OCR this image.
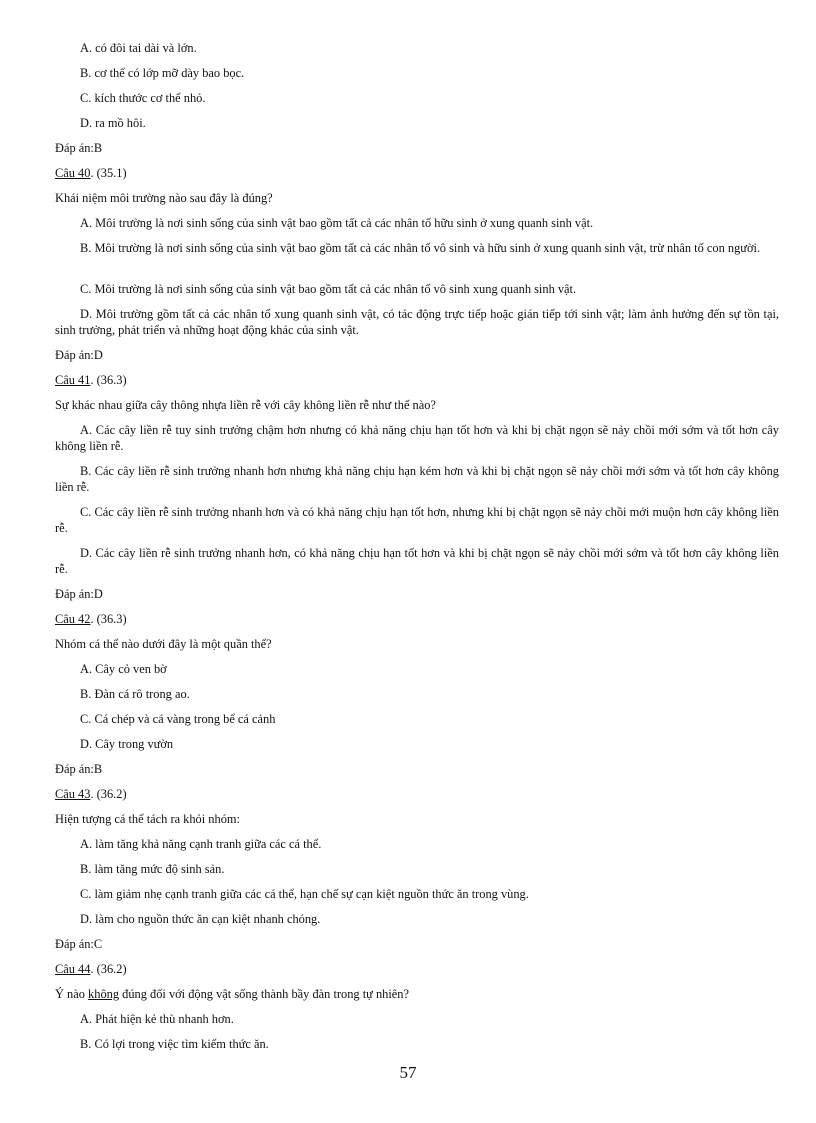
A. có đôi tai dài và lớn.
B. cơ thể có lớp mỡ dày bao bọc.
C. kích thước cơ thể nhỏ.
D. ra mồ hôi.
Đáp án:B
Câu 40. (35.1)
Khái niệm môi trường nào sau đây là đúng?
A. Môi trường là nơi sinh sống của sinh vật bao gồm tất cả các nhân tố hữu sinh ở xung quanh sinh vật.
B. Môi trường là nơi sinh sống của sinh vật bao gồm tất cả các nhân tố vô sinh và hữu sinh ở xung quanh sinh vật, trừ nhân tố con người.
C. Môi trường là nơi sinh sống của sinh vật bao gồm tất cả các nhân tố vô sinh xung quanh sinh vật.
D. Môi trường gồm tất cả các nhân tố xung quanh sinh vật, có tác động trực tiếp hoặc gián tiếp tới sinh vật; làm ảnh hưởng đến sự tồn tại, sinh trưởng, phát triển và những hoạt động khác của sinh vật.
Đáp án:D
Câu 41. (36.3)
Sự khác nhau giữa cây thông nhựa liền rễ với cây không liền rễ như thế nào?
A. Các cây liền rễ tuy sinh trưởng chậm hơn nhưng có khả năng chịu hạn tốt hơn và khi bị chặt ngọn sẽ nảy chồi mới sớm và tốt hơn cây không liền rễ.
B. Các cây liền rễ sinh trưởng nhanh hơn nhưng khả năng chịu hạn kém hơn và khi bị chặt ngọn sẽ nảy chồi mới sớm và tốt hơn cây không liền rễ.
C. Các cây liền rễ sinh trưởng nhanh hơn và có khả năng chịu hạn tốt hơn, nhưng khi bị chặt ngọn sẽ nảy chồi mới muộn hơn cây không liền rễ.
D. Các cây liền rễ sinh trưởng nhanh hơn, có khả năng chịu hạn tốt hơn và khi bị chặt ngọn sẽ nảy chồi mới sớm và tốt hơn cây không liền rễ.
Đáp án:D
Câu 42. (36.3)
Nhóm cá thể nào dưới đây là một quần thể?
A. Cây cỏ ven bờ
B. Đàn cá rô trong ao.
C. Cá chép và cá vàng trong bể cá cảnh
D. Cây trong vườn
Đáp án:B
Câu 43. (36.2)
Hiện tượng cá thể tách ra khỏi nhóm:
A. làm tăng khả năng cạnh tranh giữa các cá thể.
B. làm tăng mức độ sinh sản.
C. làm giảm nhẹ cạnh tranh giữa các cá thể, hạn chế sự cạn kiệt nguồn thức ăn trong vùng.
D. làm cho nguồn thức ăn cạn kiệt nhanh chóng.
Đáp án:C
Câu 44. (36.2)
Ý nào không đúng đối với động vật sống thành bầy đàn trong tự nhiên?
A. Phát hiện kẻ thù nhanh hơn.
B. Có lợi trong việc tìm kiếm thức ăn.
57
